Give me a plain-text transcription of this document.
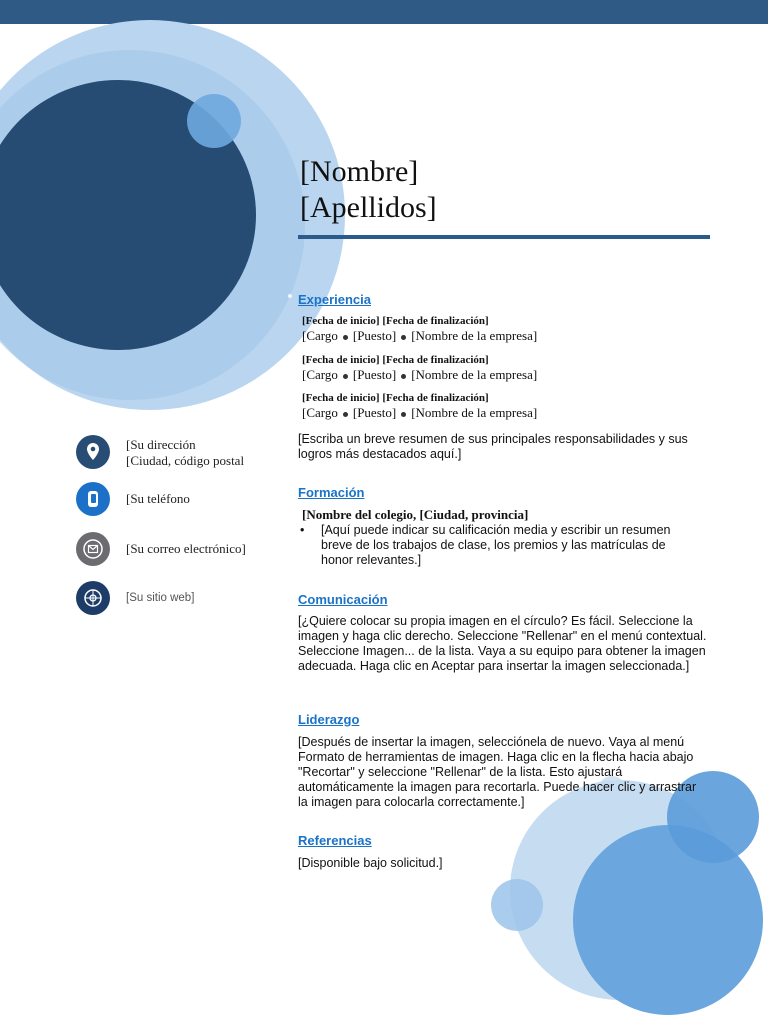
[Nombre]
[Apellidos]
[Su dirección
[Ciudad, código postal
[Su teléfono
[Su correo electrónico]
[Su sitio web]
Experiencia
[Fecha de inicio] [Fecha de finalización]
[Cargo [Puesto] [Nombre de la empresa]
[Fecha de inicio] [Fecha de finalización]
[Cargo [Puesto] [Nombre de la empresa]
[Fecha de inicio] [Fecha de finalización]
[Cargo [Puesto] [Nombre de la empresa]
[Escriba un breve resumen de sus principales responsabilidades y sus logros más destacados aquí.]
Formación
[Nombre del colegio, [Ciudad, provincia]
• [Aquí puede indicar su calificación media y escribir un resumen breve de los trabajos de clase, los premios y las matrículas de honor relevantes.]
Comunicación
[¿Quiere colocar su propia imagen en el círculo? Es fácil. Seleccione la imagen y haga clic derecho. Seleccione "Rellenar" en el menú contextual. Seleccione Imagen... de la lista. Vaya a su equipo para obtener la imagen adecuada. Haga clic en Aceptar para insertar la imagen seleccionada.]
Liderazgo
[Después de insertar la imagen, selecciónela de nuevo. Vaya al menú Formato de herramientas de imagen. Haga clic en la flecha hacia abajo "Recortar" y seleccione "Rellenar" de la lista. Esto ajustará automáticamente la imagen para recortarla. Puede hacer clic y arrastrar la imagen para colocarla correctamente.]
Referencias
[Disponible bajo solicitud.]
